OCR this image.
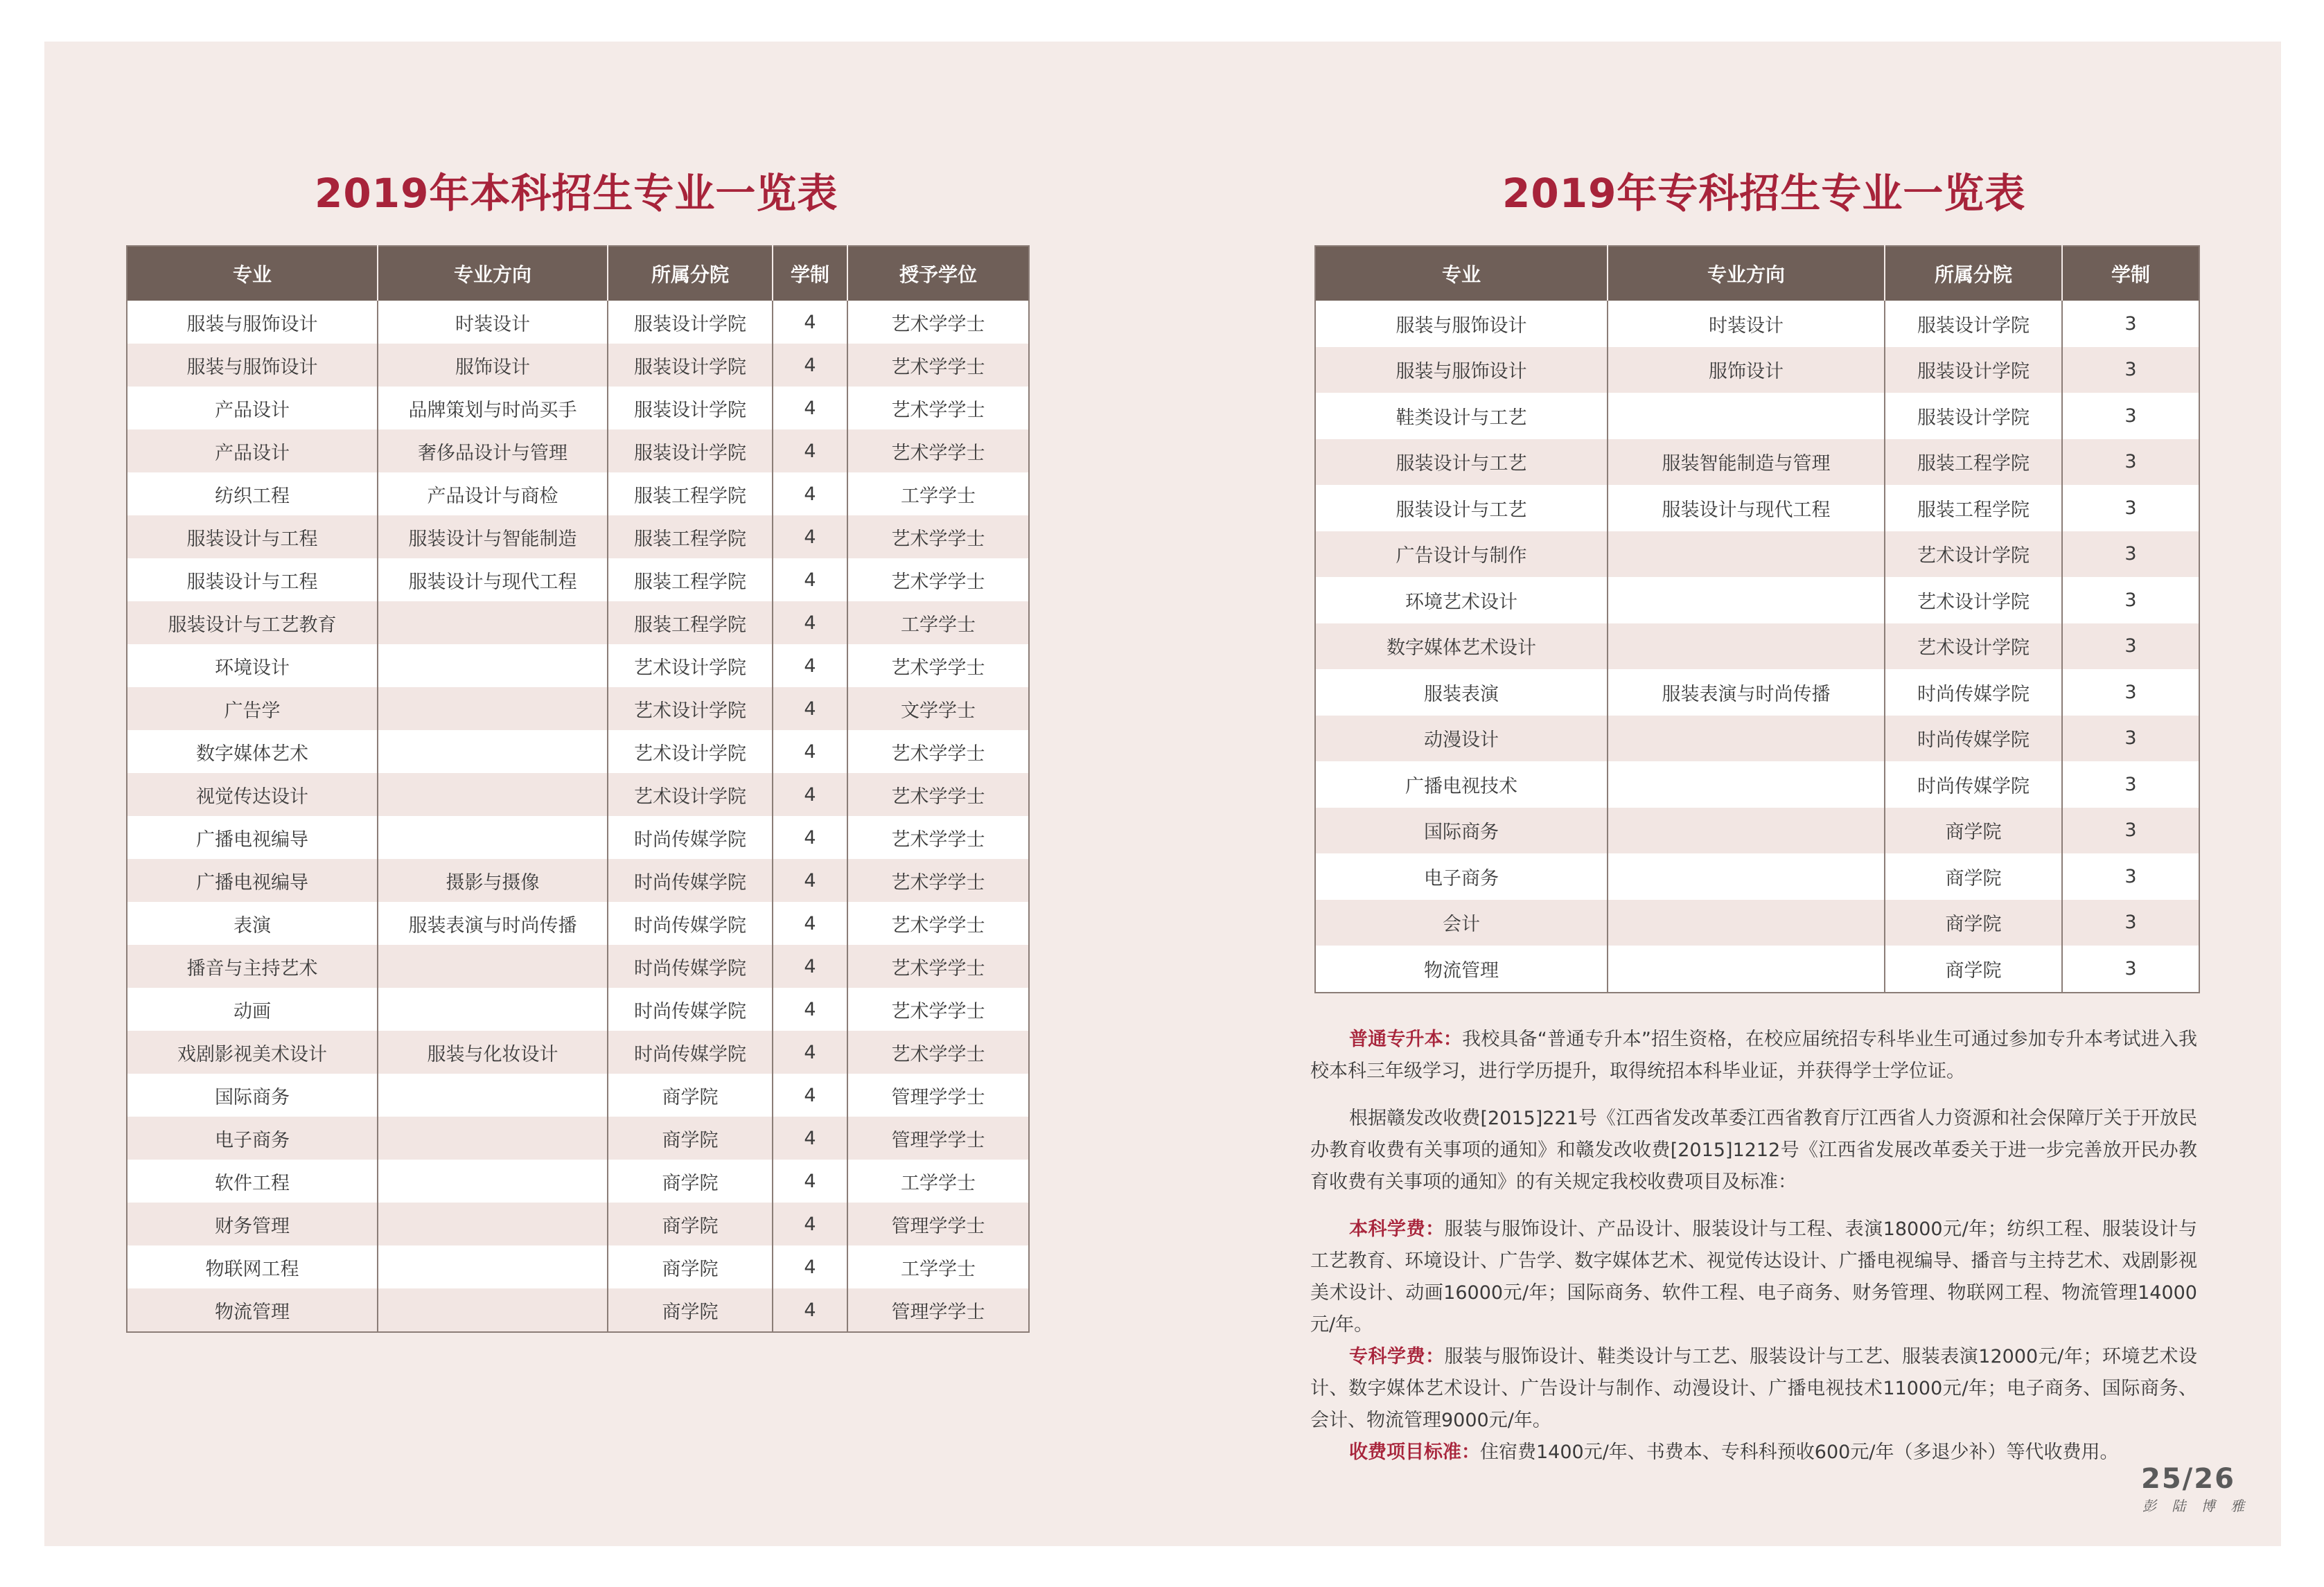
2019年本科招生专业一览表
专业	专业方向	所属分院	学制	授予学位
服装与服饰设计	时装设计	服装设计学院	4	艺术学学士
服装与服饰设计	服饰设计	服装设计学院	4	艺术学学士
产品设计	品牌策划与时尚买手	服装设计学院	4	艺术学学士
产品设计	奢侈品设计与管理	服装设计学院	4	艺术学学士
纺织工程	产品设计与商检	服装工程学院	4	工学学士
服装设计与工程	服装设计与智能制造	服装工程学院	4	艺术学学士
服装设计与工程	服装设计与现代工程	服装工程学院	4	艺术学学士
服装设计与工艺教育		服装工程学院	4	工学学士
环境设计		艺术设计学院	4	艺术学学士
广告学		艺术设计学院	4	文学学士
数字媒体艺术		艺术设计学院	4	艺术学学士
视觉传达设计		艺术设计学院	4	艺术学学士
广播电视编导		时尚传媒学院	4	艺术学学士
广播电视编导	摄影与摄像	时尚传媒学院	4	艺术学学士
表演	服装表演与时尚传播	时尚传媒学院	4	艺术学学士
播音与主持艺术		时尚传媒学院	4	艺术学学士
动画		时尚传媒学院	4	艺术学学士
戏剧影视美术设计	服装与化妆设计	时尚传媒学院	4	艺术学学士
国际商务		商学院	4	管理学学士
电子商务		商学院	4	管理学学士
软件工程		商学院	4	工学学士
财务管理		商学院	4	管理学学士
物联网工程		商学院	4	工学学士
物流管理		商学院	4	管理学学士
2019年专科招生专业一览表
专业	专业方向	所属分院	学制
服装与服饰设计	时装设计	服装设计学院	3
服装与服饰设计	服饰设计	服装设计学院	3
鞋类设计与工艺		服装设计学院	3
服装设计与工艺	服装智能制造与管理	服装工程学院	3
服装设计与工艺	服装设计与现代工程	服装工程学院	3
广告设计与制作		艺术设计学院	3
环境艺术设计		艺术设计学院	3
数字媒体艺术设计		艺术设计学院	3
服装表演	服装表演与时尚传播	时尚传媒学院	3
动漫设计		时尚传媒学院	3
广播电视技术		时尚传媒学院	3
国际商务		商学院	3
电子商务		商学院	3
会计		商学院	3
物流管理		商学院	3

普通专升本：我校具备“普通专升本”招生资格，在校应届统招专科毕业生可通过参加专升本考试进入我校本科三年级学习，进行学历提升，取得统招本科毕业证，并获得学士学位证。

根据赣发改收费[2015]221号《江西省发改革委江西省教育厅江西省人力资源和社会保障厅关于开放民办教育收费有关事项的通知》和赣发改收费[2015]1212号《江西省发展改革委关于进一步完善放开民办教育收费有关事项的通知》的有关规定我校收费项目及标准：

本科学费：服装与服饰设计、产品设计、服装设计与工程、表演18000元/年；纺织工程、服装设计与工艺教育、环境设计、广告学、数字媒体艺术、视觉传达设计、广播电视编导、播音与主持艺术、戏剧影视美术设计、动画16000元/年；国际商务、软件工程、电子商务、财务管理、物联网工程、物流管理14000元/年。

专科学费：服装与服饰设计、鞋类设计与工艺、服装设计与工艺、服装表演12000元/年；环境艺术设计、数字媒体艺术设计、广告设计与制作、动漫设计、广播电视技术11000元/年；电子商务、国际商务、会计、物流管理9000元/年。

收费项目标准：住宿费1400元/年、书费本、专科科预收600元/年（多退少补）等代收费用。

25/26
彭 陆 博 雅
